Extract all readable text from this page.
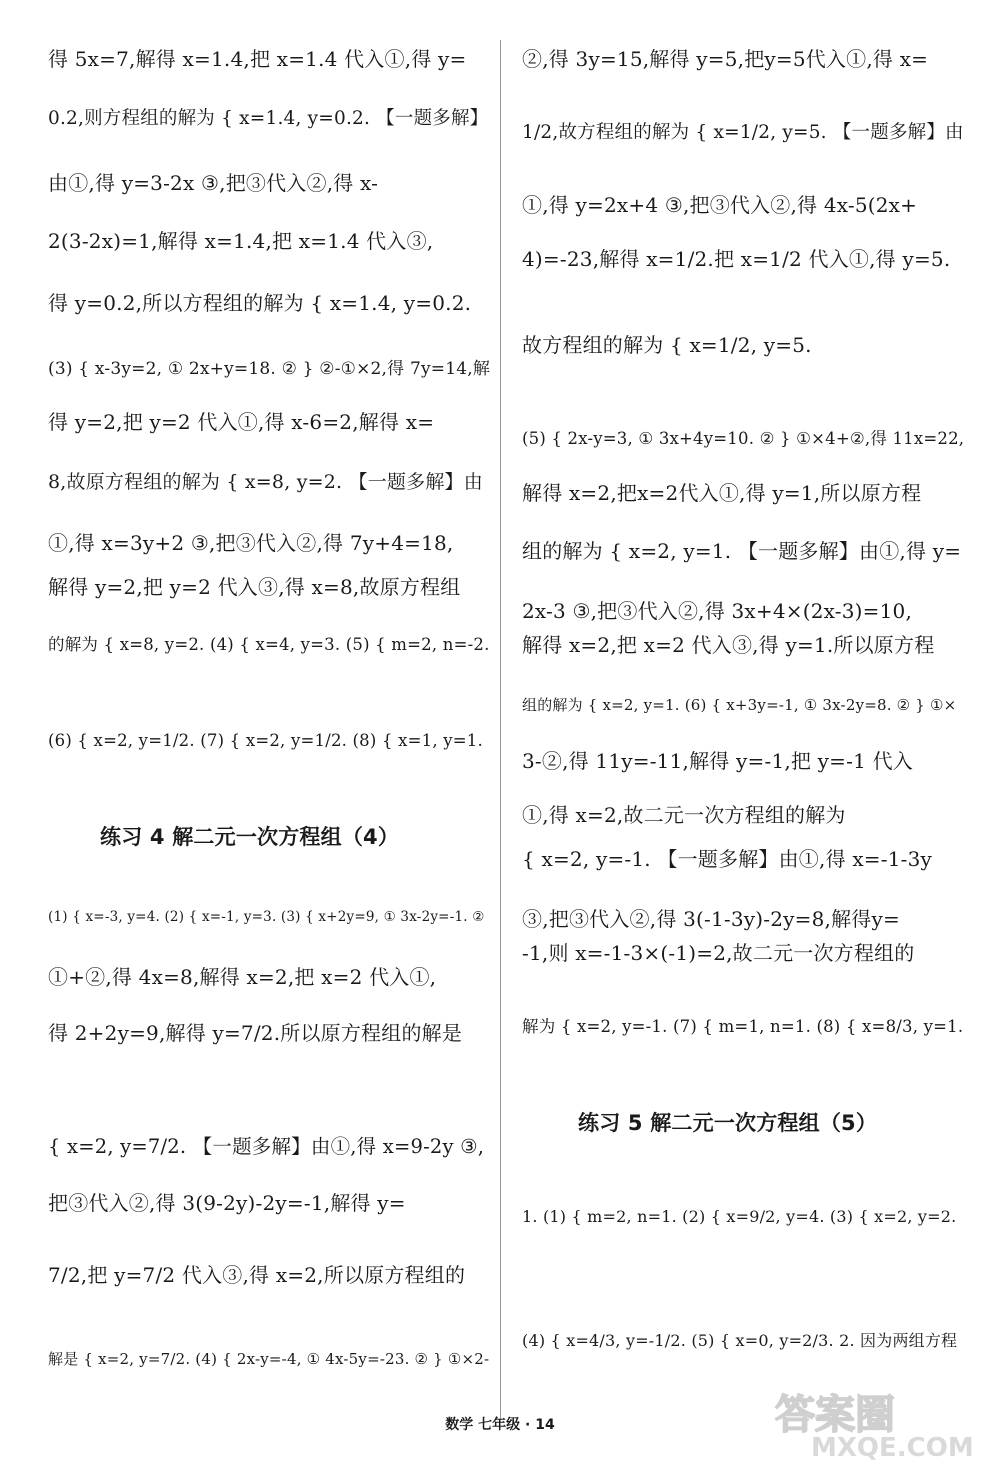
得 5x=7,解得 x=1.4,把 x=1.4 代入①,得 y=
0.2,则方程组的解为 { x=1.4, y=0.2. 【一题多解】
由①,得 y=3-2x ③,把③代入②,得 x-
2(3-2x)=1,解得 x=1.4,把 x=1.4 代入③,
得 y=0.2,所以方程组的解为 { x=1.4, y=0.2.
(3) { x-3y=2, ① 2x+y=18. ② } ②-①×2,得 7y=14,解
得 y=2,把 y=2 代入①,得 x-6=2,解得 x=
8,故原方程组的解为 { x=8, y=2. 【一题多解】由
①,得 x=3y+2 ③,把③代入②,得 7y+4=18,
解得 y=2,把 y=2 代入③,得 x=8,故原方程组
的解为 { x=8, y=2. (4) { x=4, y=3. (5) { m=2, n=-2.
(6) { x=2, y=1/2. (7) { x=2, y=1/2. (8) { x=1, y=1.
练习 4 解二元一次方程组（4）
(1) { x=-3, y=4. (2) { x=-1, y=3. (3) { x+2y=9, ① 3x-2y=-1. ②
①+②,得 4x=8,解得 x=2,把 x=2 代入①,
得 2+2y=9,解得 y=7/2.所以原方程组的解是
{ x=2, y=7/2. 【一题多解】由①,得 x=9-2y ③,
把③代入②,得 3(9-2y)-2y=-1,解得 y=
7/2,把 y=7/2 代入③,得 x=2,所以原方程组的
解是 { x=2, y=7/2. (4) { 2x-y=-4, ① 4x-5y=-23. ② } ①×2-
②,得 3y=15,解得 y=5,把y=5代入①,得 x=
1/2,故方程组的解为 { x=1/2, y=5. 【一题多解】由
①,得 y=2x+4 ③,把③代入②,得 4x-5(2x+
4)=-23,解得 x=1/2.把 x=1/2 代入①,得 y=5.
故方程组的解为 { x=1/2, y=5.
(5) { 2x-y=3, ① 3x+4y=10. ② } ①×4+②,得 11x=22,
解得 x=2,把x=2代入①,得 y=1,所以原方程
组的解为 { x=2, y=1. 【一题多解】由①,得 y=
2x-3 ③,把③代入②,得 3x+4×(2x-3)=10,
解得 x=2,把 x=2 代入③,得 y=1.所以原方程
组的解为 { x=2, y=1. (6) { x+3y=-1, ① 3x-2y=8. ② } ①×
3-②,得 11y=-11,解得 y=-1,把 y=-1 代入
①,得 x=2,故二元一次方程组的解为
{ x=2, y=-1. 【一题多解】由①,得 x=-1-3y
③,把③代入②,得 3(-1-3y)-2y=8,解得y=
-1,则 x=-1-3×(-1)=2,故二元一次方程组的
解为 { x=2, y=-1. (7) { m=1, n=1. (8) { x=8/3, y=1.
练习 5 解二元一次方程组（5）
1. (1) { m=2, n=1. (2) { x=9/2, y=4. (3) { x=2, y=2.
(4) { x=4/3, y=-1/2. (5) { x=0, y=2/3. 2. 因为两组方程
数学 七年级 · 14	答案圈
MXQE.COM
